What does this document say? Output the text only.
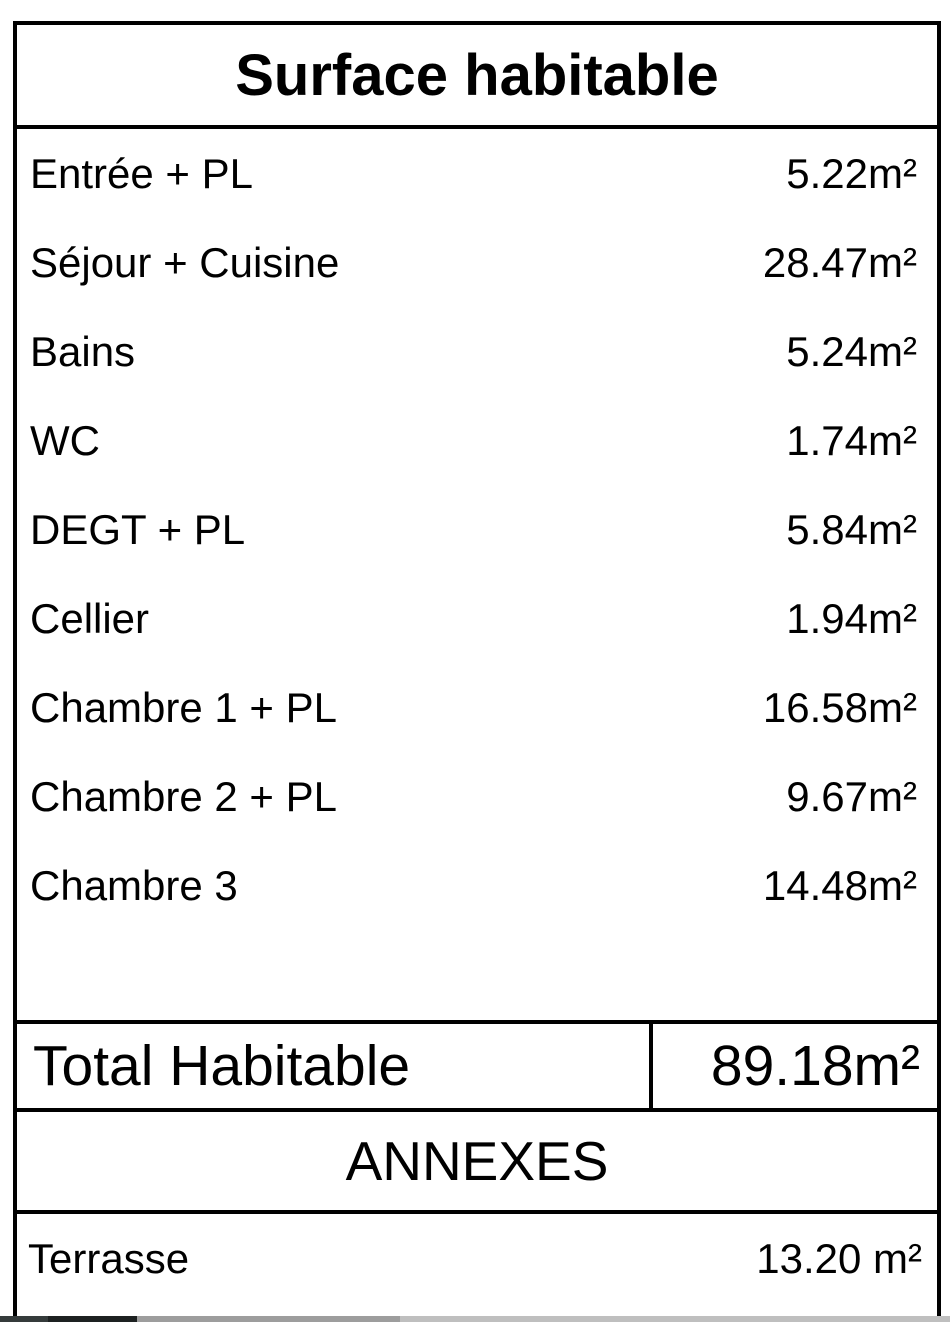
Surface habitable
Entrée + PL	5.22m²
Séjour + Cuisine	28.47m²
Bains	5.24m²
WC	1.74m²
DEGT + PL	5.84m²
Cellier	1.94m²
Chambre 1 + PL	16.58m²
Chambre 2 + PL	9.67m²
Chambre 3	14.48m²
Total Habitable	89.18m²
ANNEXES
Terrasse	13.20 m²
